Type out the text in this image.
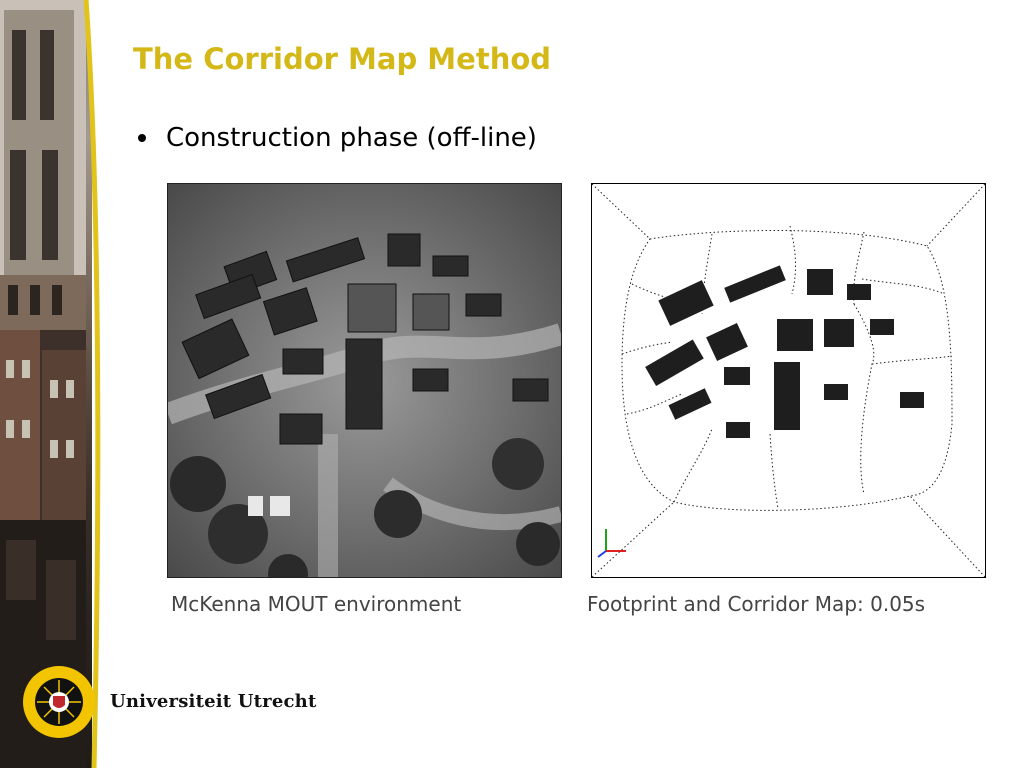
The Corridor Map Method
Construction phase (off-line)
McKenna MOUT environment	Footprint and Corridor Map: 0.05s
Universiteit Utrecht
